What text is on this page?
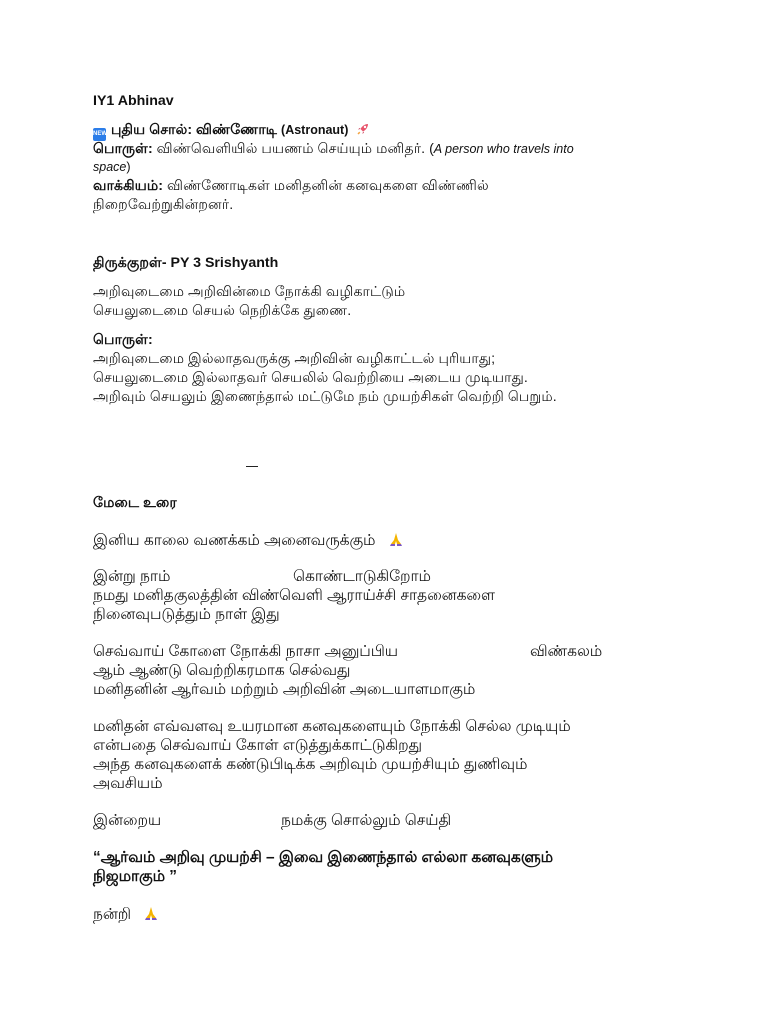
IY1 Abhinav
NEW புதிய சொல்: விண்ணோடி (Astronaut)
பொருள்: விண்வெளியில் பயணம் செய்யும் மனிதர். (A person who travels into
space)
வாக்கியம்: விண்ணோடிகள் மனிதனின் கனவுகளை விண்ணில்
நிறைவேற்றுகின்றனர்.
திருக்குறள்- PY 3 Srishyanth
அறிவுடைமை அறிவின்மை நோக்கி வழிகாட்டும்
செயலுடைமை செயல் நெறிக்கே துணை.
பொருள்:
அறிவுடைமை இல்லாதவருக்கு அறிவின் வழிகாட்டல் புரியாது;
செயலுடைமை இல்லாதவர் செயலில் வெற்றியை அடைய முடியாது.
அறிவும் செயலும் இணைந்தால் மட்டுமே நம் முயற்சிகள் வெற்றி பெறும்.
மேடை உரை
இனிய காலை வணக்கம் அனைவருக்கும்
இன்று நாம்	கொண்டாடுகிறோம்
நமது மனிதகுலத்தின் விண்வெளி ஆராய்ச்சி சாதனைகளை
நினைவுபடுத்தும் நாள் இது
செவ்வாய் கோளை நோக்கி நாசா அனுப்பிய	விண்கலம்
ஆம் ஆண்டு வெற்றிகரமாக செல்வது
மனிதனின் ஆர்வம் மற்றும் அறிவின் அடையாளமாகும்
மனிதன் எவ்வளவு உயரமான கனவுகளையும் நோக்கி செல்ல முடியும்
என்பதை செவ்வாய் கோள் எடுத்துக்காட்டுகிறது
அந்த கனவுகளைக் கண்டுபிடிக்க அறிவும் முயற்சியும் துணிவும்
அவசியம்
இன்றைய	நமக்கு சொல்லும் செய்தி
“ஆர்வம் அறிவு முயற்சி – இவை இணைந்தால் எல்லா கனவுகளும்
நிஜமாகும் ”
நன்றி
